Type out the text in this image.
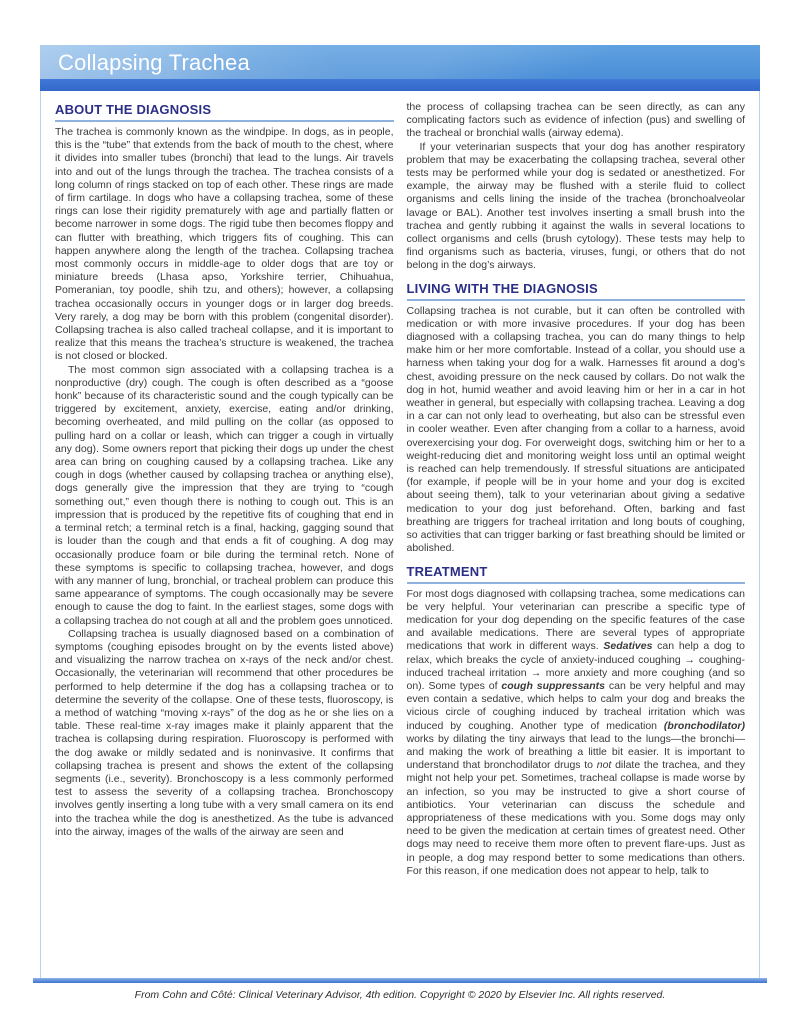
Collapsing Trachea
ABOUT THE DIAGNOSIS

The trachea is commonly known as the windpipe. In dogs, as in people, this is the “tube” that extends from the back of mouth to the chest, where it divides into smaller tubes (bronchi) that lead to the lungs. Air travels into and out of the lungs through the trachea. The trachea consists of a long column of rings stacked on top of each other. These rings are made of firm cartilage. In dogs who have a collapsing trachea, some of these rings can lose their rigidity prematurely with age and partially flatten or become narrower in some dogs. The rigid tube then becomes floppy and can flutter with breathing, which triggers fits of coughing. This can happen anywhere along the length of the trachea. Collapsing trachea most commonly occurs in middle-age to older dogs that are toy or miniature breeds (Lhasa apso, Yorkshire terrier, Chihuahua, Pomeranian, toy poodle, shih tzu, and others); however, a collapsing trachea occasionally occurs in younger dogs or in larger dog breeds. Very rarely, a dog may be born with this problem (congenital disorder). Collapsing trachea is also called tracheal collapse, and it is important to realize that this means the trachea’s structure is weakened, the trachea is not closed or blocked.

The most common sign associated with a collapsing trachea is a nonproductive (dry) cough. The cough is often described as a “goose honk” because of its characteristic sound and the cough typically can be triggered by excitement, anxiety, exercise, eating and/or drinking, becoming overheated, and mild pulling on the collar (as opposed to pulling hard on a collar or leash, which can trigger a cough in virtually any dog). Some owners report that picking their dogs up under the chest area can bring on coughing caused by a collapsing trachea. Like any cough in dogs (whether caused by collapsing trachea or anything else), dogs generally give the impression that they are trying to “cough something out,” even though there is nothing to cough out. This is an impression that is produced by the repetitive fits of coughing that end in a terminal retch; a terminal retch is a final, hacking, gagging sound that is louder than the cough and that ends a fit of coughing. A dog may occasionally produce foam or bile during the terminal retch. None of these symptoms is specific to collapsing trachea, however, and dogs with any manner of lung, bronchial, or tracheal problem can produce this same appearance of symptoms. The cough occasionally may be severe enough to cause the dog to faint. In the earliest stages, some dogs with a collapsing trachea do not cough at all and the problem goes unnoticed.

Collapsing trachea is usually diagnosed based on a combination of symptoms (coughing episodes brought on by the events listed above) and visualizing the narrow trachea on x-rays of the neck and/or chest. Occasionally, the veterinarian will recommend that other procedures be performed to help determine if the dog has a collapsing trachea or to determine the severity of the collapse. One of these tests, fluoroscopy, is a method of watching “moving x-rays” of the dog as he or she lies on a table. These real-time x-ray images make it plainly apparent that the trachea is collapsing during respiration. Fluoroscopy is performed with the dog awake or mildly sedated and is noninvasive. It confirms that collapsing trachea is present and shows the extent of the collapsing segments (i.e., severity). Bronchoscopy is a less commonly performed test to assess the severity of a collapsing trachea. Bronchoscopy involves gently inserting a long tube with a very small camera on its end into the trachea while the dog is anesthetized. As the tube is advanced into the airway, images of the walls of the airway are seen and

the process of collapsing trachea can be seen directly, as can any complicating factors such as evidence of infection (pus) and swelling of the tracheal or bronchial walls (airway edema).

If your veterinarian suspects that your dog has another respiratory problem that may be exacerbating the collapsing trachea, several other tests may be performed while your dog is sedated or anesthetized. For example, the airway may be flushed with a sterile fluid to collect organisms and cells lining the inside of the trachea (bronchoalveolar lavage or BAL). Another test involves inserting a small brush into the trachea and gently rubbing it against the walls in several locations to collect organisms and cells (brush cytology). These tests may help to find organisms such as bacteria, viruses, fungi, or others that do not belong in the dog’s airways.

LIVING WITH THE DIAGNOSIS

Collapsing trachea is not curable, but it can often be controlled with medication or with more invasive procedures. If your dog has been diagnosed with a collapsing trachea, you can do many things to help make him or her more comfortable. Instead of a collar, you should use a harness when taking your dog for a walk. Harnesses fit around a dog’s chest, avoiding pressure on the neck caused by collars. Do not walk the dog in hot, humid weather and avoid leaving him or her in a car in hot weather in general, but especially with collapsing trachea. Leaving a dog in a car can not only lead to overheating, but also can be stressful even in cooler weather. Even after changing from a collar to a harness, avoid overexercising your dog. For overweight dogs, switching him or her to a weight-reducing diet and monitoring weight loss until an optimal weight is reached can help tremendously. If stressful situations are anticipated (for example, if people will be in your home and your dog is excited about seeing them), talk to your veterinarian about giving a sedative medication to your dog just beforehand. Often, barking and fast breathing are triggers for tracheal irritation and long bouts of coughing, so activities that can trigger barking or fast breathing should be limited or abolished.

TREATMENT

For most dogs diagnosed with collapsing trachea, some medications can be very helpful. Your veterinarian can prescribe a specific type of medication for your dog depending on the specific features of the case and available medications. There are several types of appropriate medications that work in different ways. Sedatives can help a dog to relax, which breaks the cycle of anxiety-induced coughing → coughing-induced tracheal irritation → more anxiety and more coughing (and so on). Some types of cough suppressants can be very helpful and may even contain a sedative, which helps to calm your dog and breaks the vicious circle of coughing induced by tracheal irritation which was induced by coughing. Another type of medication (bronchodilator) works by dilating the tiny airways that lead to the lungs—the bronchi—and making the work of breathing a little bit easier. It is important to understand that bronchodilator drugs to not dilate the trachea, and they might not help your pet. Sometimes, tracheal collapse is made worse by an infection, so you may be instructed to give a short course of antibiotics. Your veterinarian can discuss the schedule and appropriateness of these medications with you. Some dogs may only need to be given the medication at certain times of greatest need. Other dogs may need to receive them more often to prevent flare-ups. Just as in people, a dog may respond better to some medications than others. For this reason, if one medication does not appear to help, talk to

From Cohn and Côté: Clinical Veterinary Advisor, 4th edition. Copyright © 2020 by Elsevier Inc. All rights reserved.
